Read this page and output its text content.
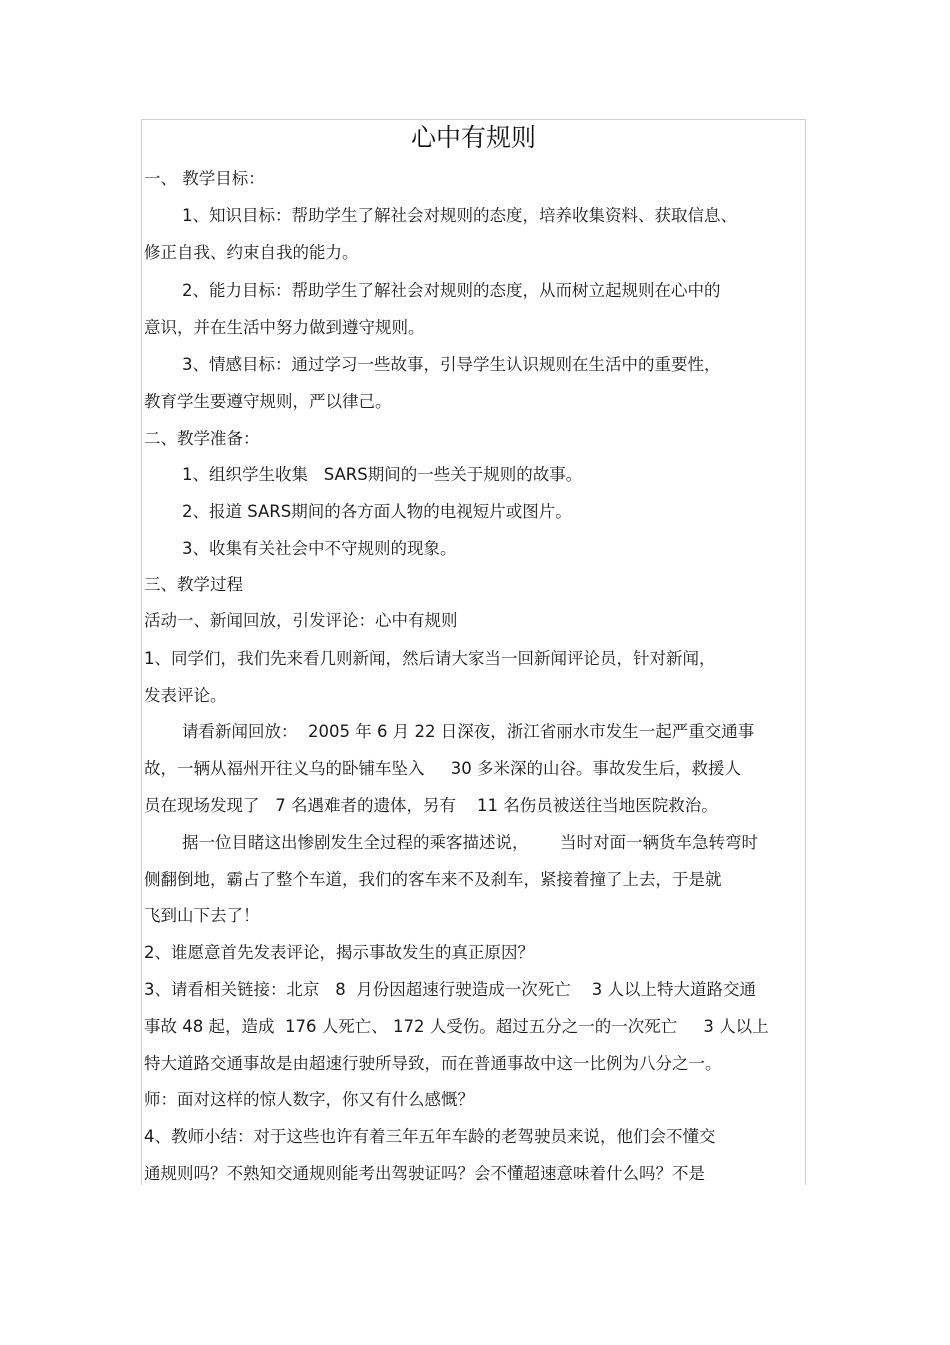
心中有规则
一、 教学目标：
1、知识目标：帮助学生了解社会对规则的态度，培养收集资料、获取信息、
修正自我、约束自我的能力。
2、能力目标：帮助学生了解社会对规则的态度，从而树立起规则在心中的
意识，并在生活中努力做到遵守规则。
3、情感目标：通过学习一些故事，引导学生认识规则在生活中的重要性，
教育学生要遵守规则，严以律己。
二、教学准备：
1、组织学生收集   SARS期间的一些关于规则的故事。
2、报道 SARS期间的各方面人物的电视短片或图片。
3、收集有关社会中不守规则的现象。
三、教学过程
活动一、新闻回放，引发评论：心中有规则
1、同学们，我们先来看几则新闻，然后请大家当一回新闻评论员，针对新闻，
发表评论。
请看新闻回放：  2005 年 6 月 22 日深夜，浙江省丽水市发生一起严重交通事
故，一辆从福州开往义乌的卧铺车坠入     30 多米深的山谷。事故发生后，救援人
员在现场发现了   7 名遇难者的遗体，另有    11 名伤员被送往当地医院救治。
据一位目睹这出惨剧发生全过程的乘客描述说，      当时对面一辆货车急转弯时
侧翻倒地，霸占了整个车道，我们的客车来不及刹车，紧接着撞了上去，于是就
飞到山下去了！
2、谁愿意首先发表评论，揭示事故发生的真正原因？
3、请看相关链接：北京   8  月份因超速行驶造成一次死亡    3 人以上特大道路交通
事故 48 起，造成  176 人死亡、 172 人受伤。超过五分之一的一次死亡     3 人以上
特大道路交通事故是由超速行驶所导致，而在普通事故中这一比例为八分之一。
师：面对这样的惊人数字，你又有什么感慨？
4、教师小结：对于这些也许有着三年五年车龄的老驾驶员来说，他们会不懂交
通规则吗？不熟知交通规则能考出驾驶证吗？会不懂超速意味着什么吗？不是
